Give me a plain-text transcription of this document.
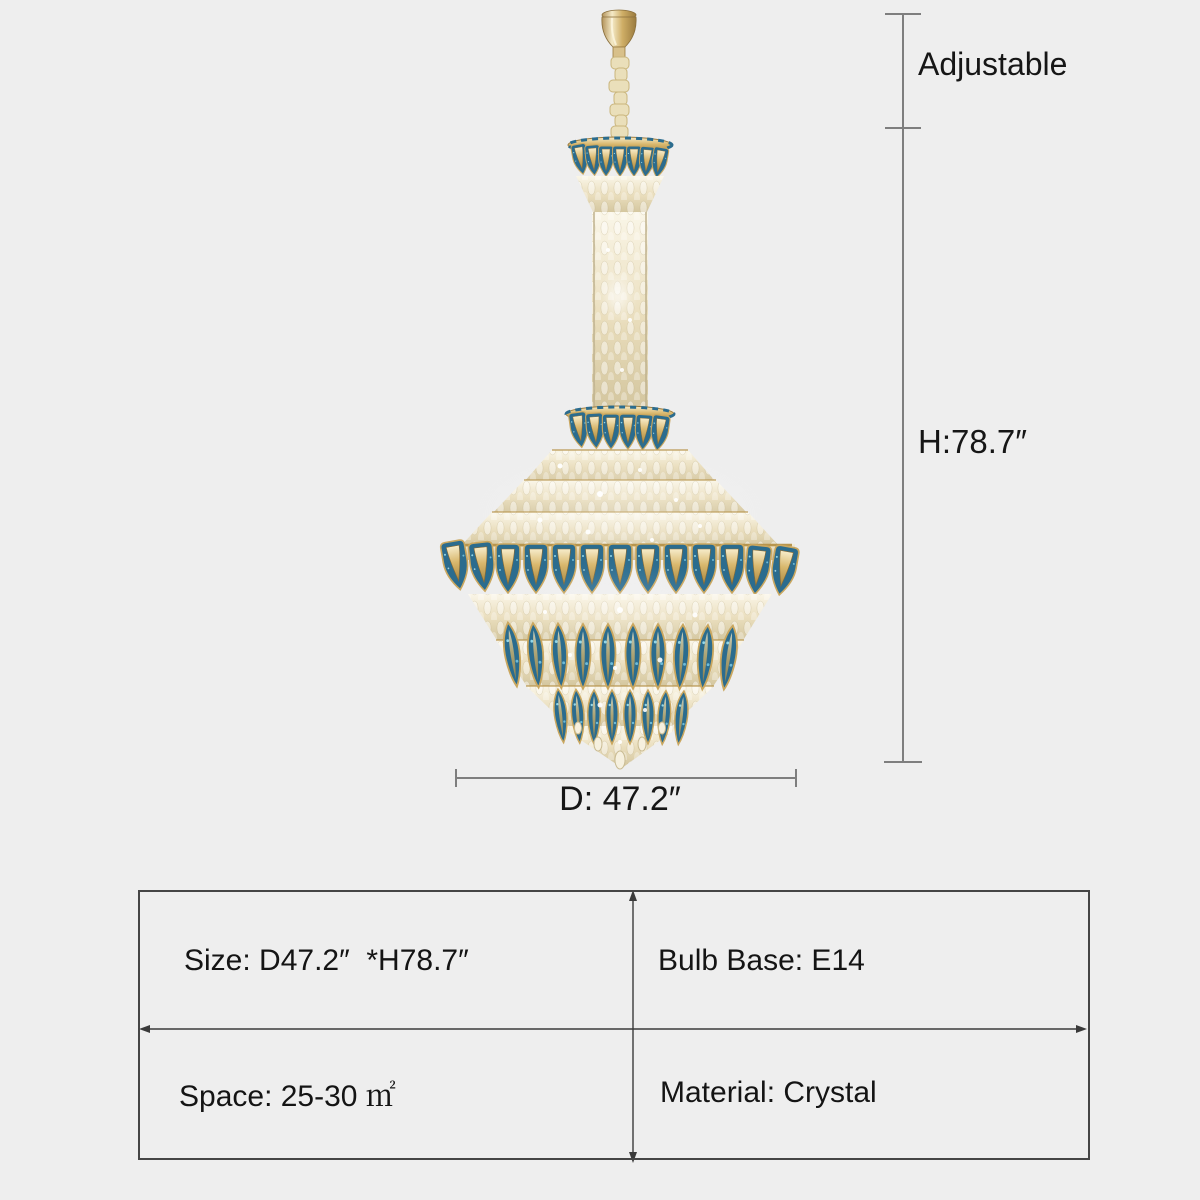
Adjustable
H:78.7″
D: 47.2″
Size: D47.2″  *H78.7″	Bulb Base: E14
Space: 25-30 ㎡	Material: Crystal
